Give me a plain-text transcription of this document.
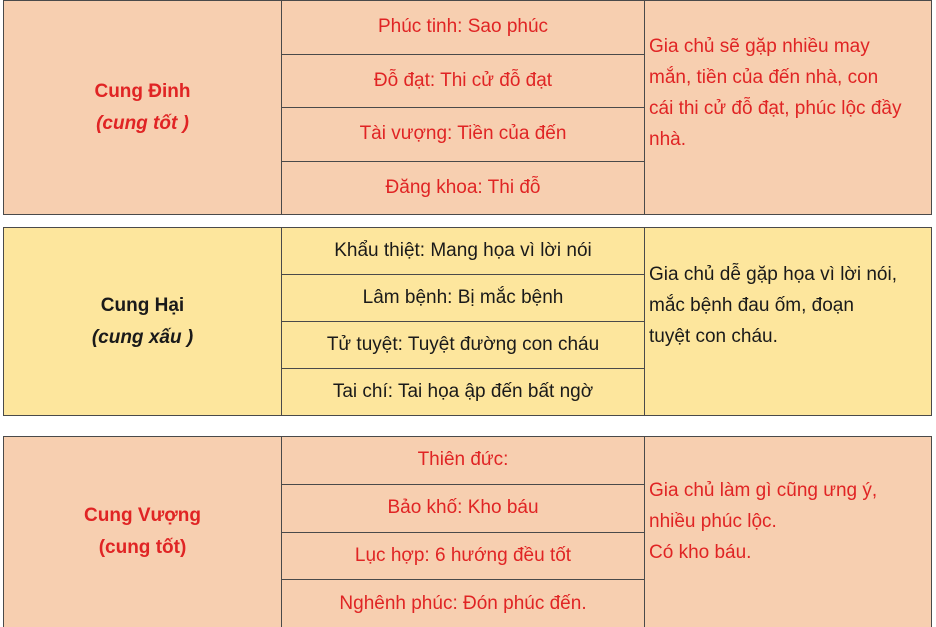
Cung Đinh
(cung tốt )
Phúc tinh: Sao phúc
Đỗ đạt: Thi cử đỗ đạt
Tài vượng: Tiền của đến
Đăng khoa: Thi đỗ
Gia chủ sẽ gặp nhiều may
mắn, tiền của đến nhà, con
cái thi cử đỗ đạt, phúc lộc đầy
nhà.
Cung Hại
(cung xấu )
Khẩu thiệt: Mang họa vì lời nói
Lâm bệnh: Bị mắc bệnh
Tử tuyệt: Tuyệt đường con cháu
Tai chí: Tai họa ập đến bất ngờ
Gia chủ dễ gặp họa vì lời nói,
mắc bệnh đau ốm, đoạn
tuyệt con cháu.
Cung Vượng
(cung tốt)
Thiên đức:
Bảo khố: Kho báu
Lục hợp: 6 hướng đều tốt
Nghênh phúc: Đón phúc đến.
Gia chủ làm gì cũng ưng ý,
nhiều phúc lộc.
Có kho báu.
